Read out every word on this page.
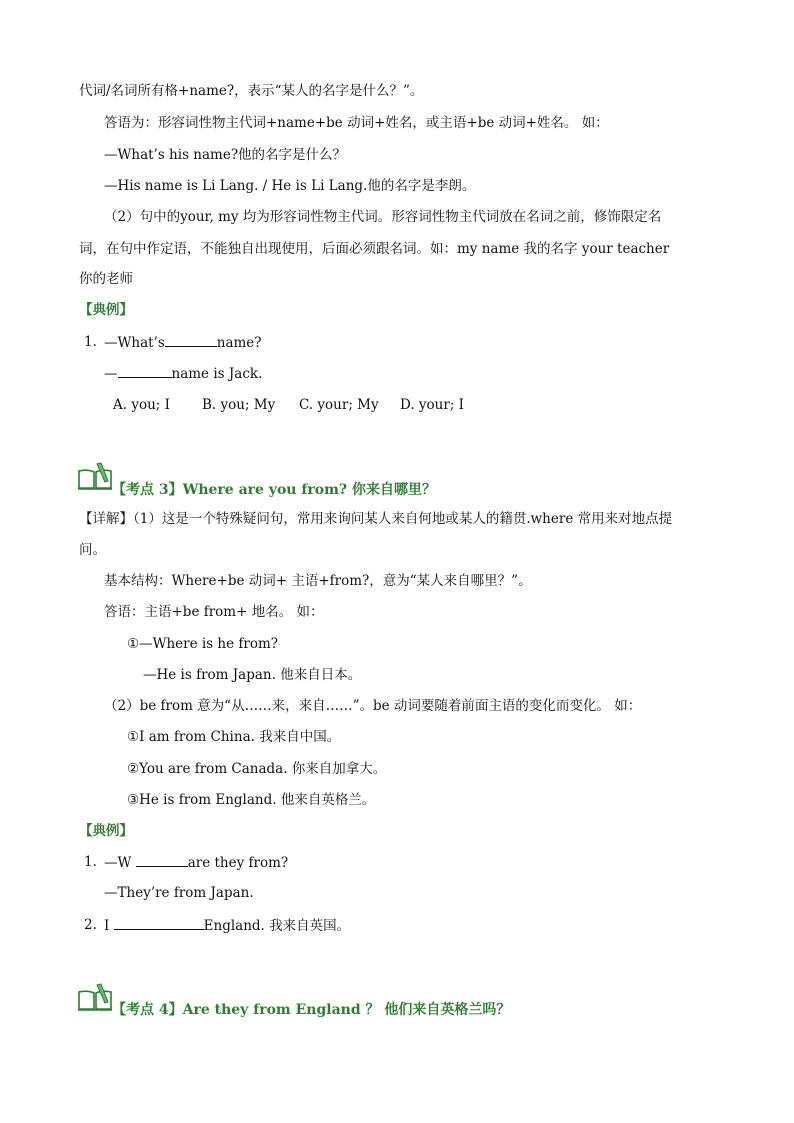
代词/名词所有格+name?，表示“某人的名字是什么？”。
答语为：形容词性物主代词+name+be 动词+姓名，或主语+be 动词+姓名。 如：
—What’s his name?他的名字是什么？
—His name is Li Lang. / He is Li Lang.他的名字是李朗。
（2）句中的your, my 均为形容词性物主代词。形容词性物主代词放在名词之前，修饰限定名
词，在句中作定语，不能独自出现使用，后面必须跟名词。如：my name 我的名字 your teacher
你的老师
【典例】
1. —What’s	name?
—	name is Jack.
A. you; I B. you; My C. your; My D. your; I
【考点 3】Where are you from? 你来自哪里？
【详解】（1）这是一个特殊疑问句，常用来询问某人来自何地或某人的籍贯.where 常用来对地点提
问。
基本结构：Where+be 动词+ 主语+from?，意为“某人来自哪里？”。
答语：主语+be from+ 地名。 如：
①—Where is he from?
—He is from Japan. 他来自日本。
（2）be from 意为“从……来，来自……”。be 动词要随着前面主语的变化而变化。 如：
①I am from China. 我来自中国。
②You are from Canada. 你来自加拿大。
③He is from England. 他来自英格兰。
【典例】
1. —W	are they from?
—They’re from Japan.
2. I	England. 我来自英国。
【考点 4】Are they from England ？ 他们来自英格兰吗？
